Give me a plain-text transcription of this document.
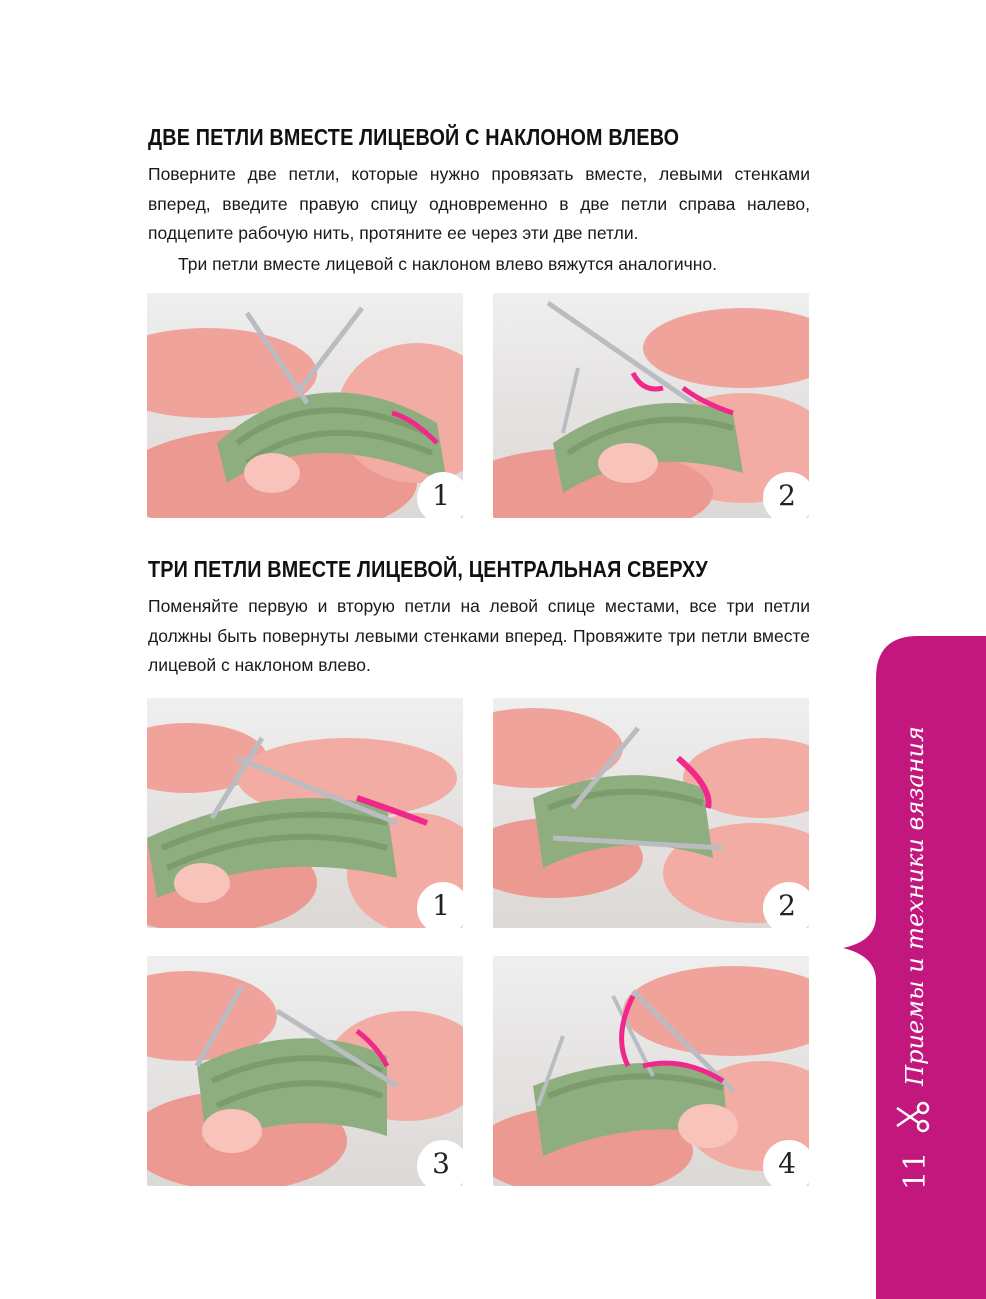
ДВЕ ПЕТЛИ ВМЕСТЕ ЛИЦЕВОЙ С НАКЛОНОМ ВЛЕВО

Поверните две петли, которые нужно провязать вместе, левыми стенками вперед, введите правую спицу одновременно в две петли справа налево, подцепите рабочую нить, протяните ее через эти две петли.

Три петли вместе лицевой с наклоном влево вяжутся аналогично.

1	2
ТРИ ПЕТЛИ ВМЕСТЕ ЛИЦЕВОЙ, ЦЕНТРАЛЬНАЯ СВЕРХУ

Поменяйте первую и вторую петли на левой спице местами, все три петли должны быть повернуты левыми стенками вперед. Провяжите три петли вместе лицевой с наклоном влево.

1	2
3	4	11
Приемы и техники вязания
